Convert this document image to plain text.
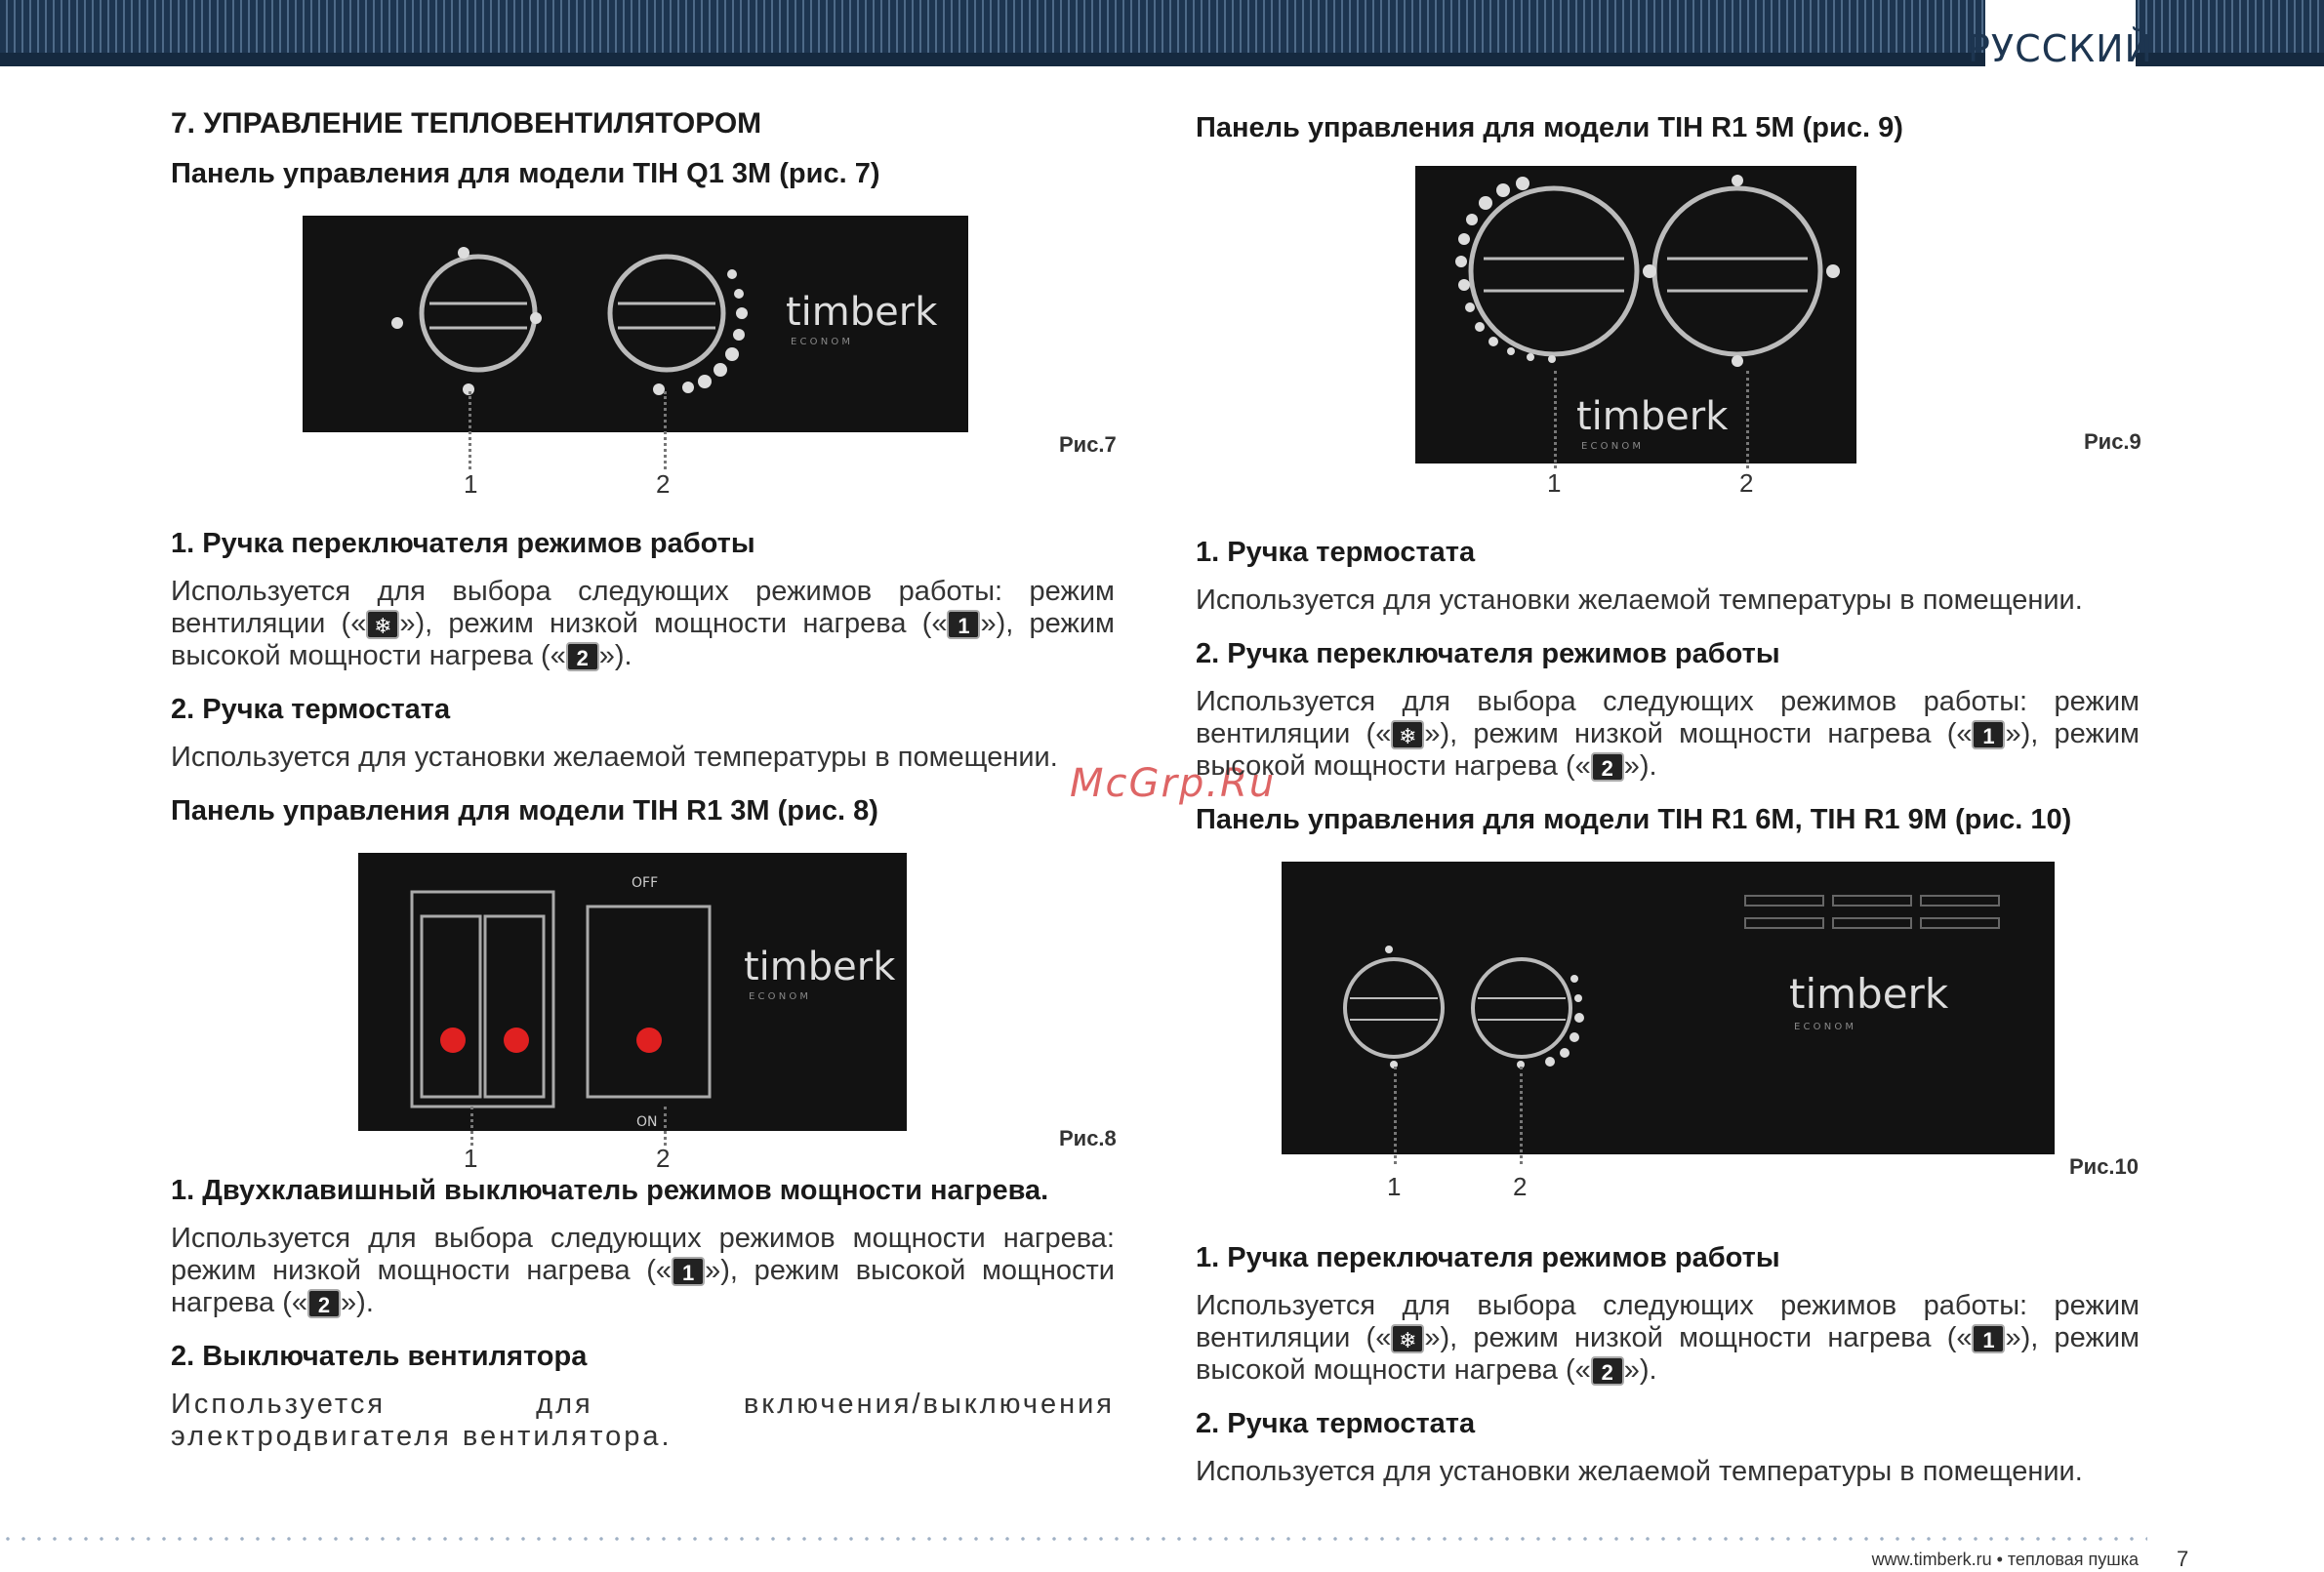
РУССКИЙ
McGrp.Ru
7. УПРАВЛЕНИЕ ТЕПЛОВЕНТИЛЯТОРОМ
Панель управления для модели TIH Q1 3M (рис. 7)
timberk
E C O N O M
1	2
Рис.7
1. Ручка переключателя режимов работы

Используется для выбора следующих режимов работы: режим вентиляции (« ❄ »), режим низкой мощности нагрева (« 1 »), режим высокой мощности нагрева (« 2 »).

2. Ручка термостата

Используется для установки желаемой температуры в помещении.

Панель управления для модели TIH R1 3M (рис. 8)
OFF
ON
timberk
E C O N O M
1	2
Рис.8
1. Двухклавишный выключатель режимов мощности нагрева.

Используется для выбора следующих режимов мощности нагрева: режим низкой мощности нагрева (« 1 »), режим высокой мощности нагрева (« 2 »).

2. Выключатель вентилятора

Используется для включения/выключения электродвигателя вентилятора.

Панель управления для модели TIH R1 5M (рис. 9)
timberk
E C O N O M
1	2
Рис.9
1. Ручка термостата

Используется для установки желаемой температуры в помещении.

2. Ручка переключателя режимов работы

Используется для выбора следующих режимов работы: режим вентиляции (« ❄ »), режим низкой мощности нагрева (« 1 »), режим высокой мощности нагрева (« 2 »).

Панель управления для модели TIH R1 6M, TIH R1 9M (рис. 10)
timberk
E C O N O M
1	2
Рис.10
1. Ручка переключателя режимов работы

Используется для выбора следующих режимов работы: режим вентиляции (« ❄ »), режим низкой мощности нагрева (« 1 »), режим высокой мощности нагрева (« 2 »).

2. Ручка термостата

Используется для установки желаемой температуры в помещении.

www.timberk.ru • тепловая пушка 7
